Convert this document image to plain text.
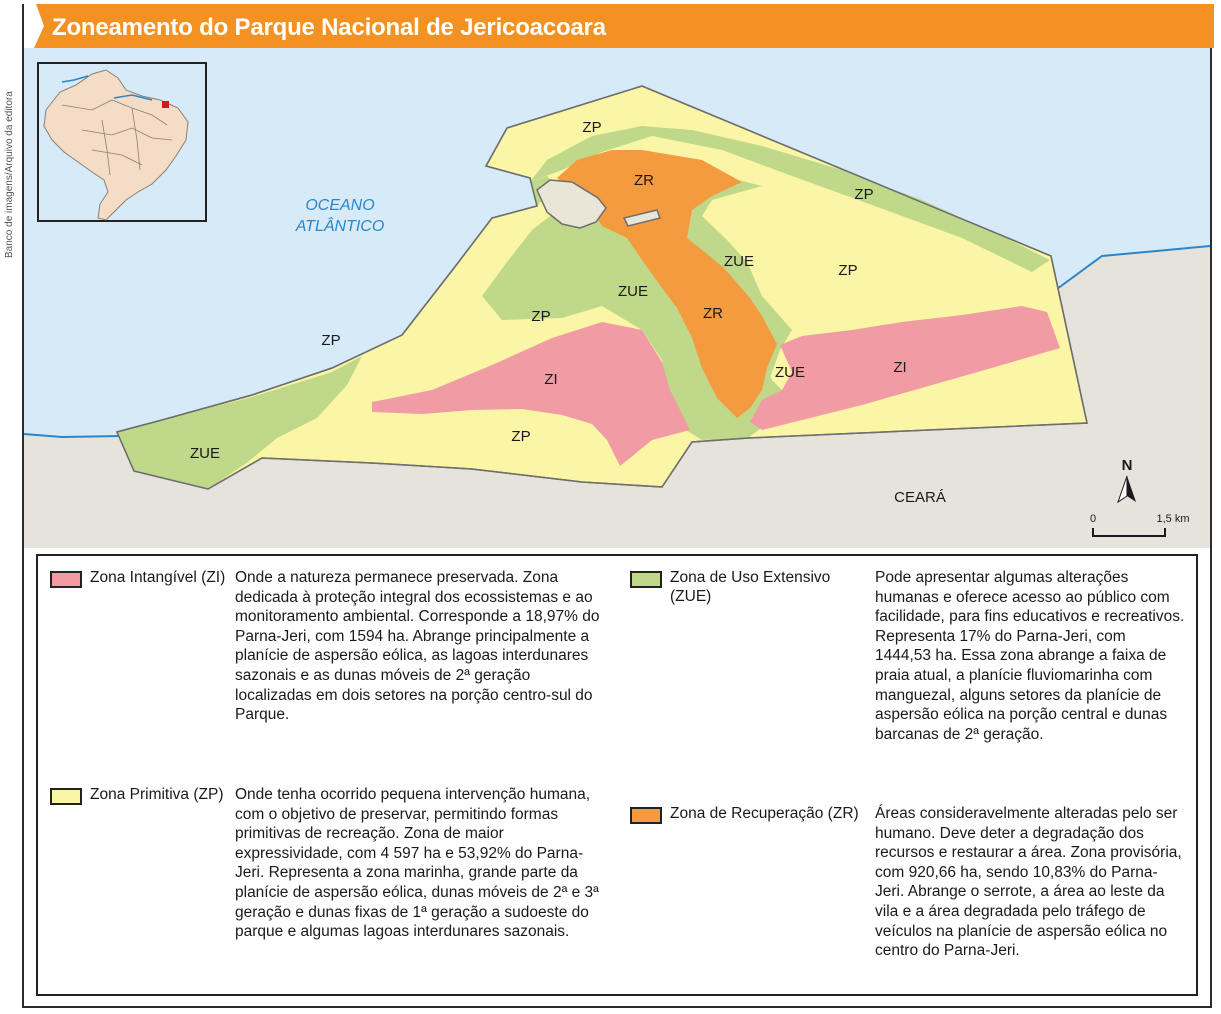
Banco de imagens/Arquivo da editora
Zoneamento do Parque Nacional de Jericoacoara
ZP
ZR
ZP
ZUE
ZP
ZUE
ZP	ZR
ZP
ZI	ZUE	ZI
ZP
ZUE
OCEANO
ATLÂNTICO
CEARÁ
N
0	1,5 km
Zona Intangível (ZI) Onde a natureza permanece preservada. Zona dedicada à proteção integral dos ecossistemas e ao monitoramento ambiental. Corresponde a 18,97% do Parna-Jeri, com 1594 ha. Abrange principalmente a planície de aspersão eólica, as lagoas interdunares sazonais e as dunas móveis de 2ª geração localizadas em dois setores na porção centro-sul do Parque.
Zona Primitiva (ZP) Onde tenha ocorrido pequena intervenção humana, com o objetivo de preservar, permitindo formas primitivas de recreação. Zona de maior expressividade, com 4 597 ha e 53,92% do Parna-Jeri. Representa a zona marinha, grande parte da planície de aspersão eólica, dunas móveis de 2ª e 3ª geração e dunas fixas de 1ª geração a sudoeste do parque e algumas lagoas interdunares sazonais.
Zona de Uso Extensivo (ZUE)
Pode apresentar algumas alterações humanas e oferece acesso ao público com facilidade, para fins educativos e recreativos. Representa 17% do Parna-Jeri, com 1444,53 ha. Essa zona abrange a faixa de praia atual, a planície fluviomarinha com manguezal, alguns setores da planície de aspersão eólica na porção central e dunas barcanas de 2ª geração.
Zona de Recuperação (ZR)	Áreas consideravelmente alteradas pelo ser humano. Deve deter a degradação dos recursos e restaurar a área. Zona provisória, com 920,66 ha, sendo 10,83% do Parna-Jeri. Abrange o serrote, a área ao leste da vila e a área degradada pelo tráfego de veículos na planície de aspersão eólica no centro do Parna-Jeri.
